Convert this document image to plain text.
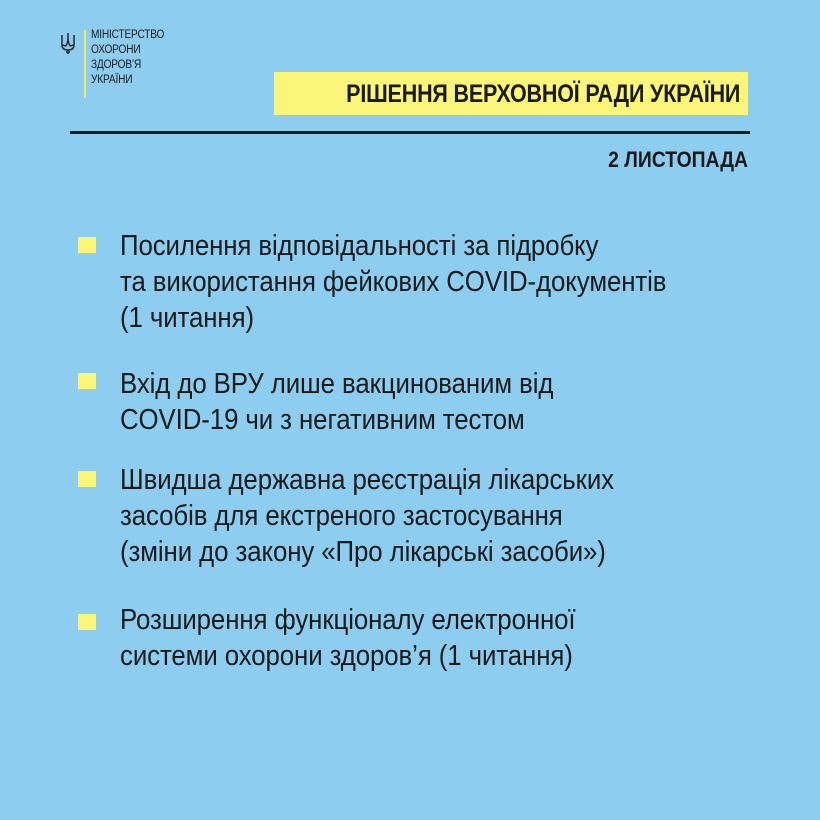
МІНІСТЕРСТВО
ОХОРОНИ
ЗДОРОВ’Я
УКРАЇНИ	РІШЕННЯ ВЕРХОВНОЇ РАДИ УКРАЇНИ
2 ЛИСТОПАДА
Посилення відповідальності за підробку
та використання фейкових COVID-документів
(1 читання)
Вхід до ВРУ лише вакцинованим від
COVID-19 чи з негативним тестом
Швидша державна реєстрація лікарських
засобів для екстреного застосування
(зміни до закону «Про лікарські засоби»)
Розширення функціоналу електронної
системи охорони здоров’я (1 читання)
